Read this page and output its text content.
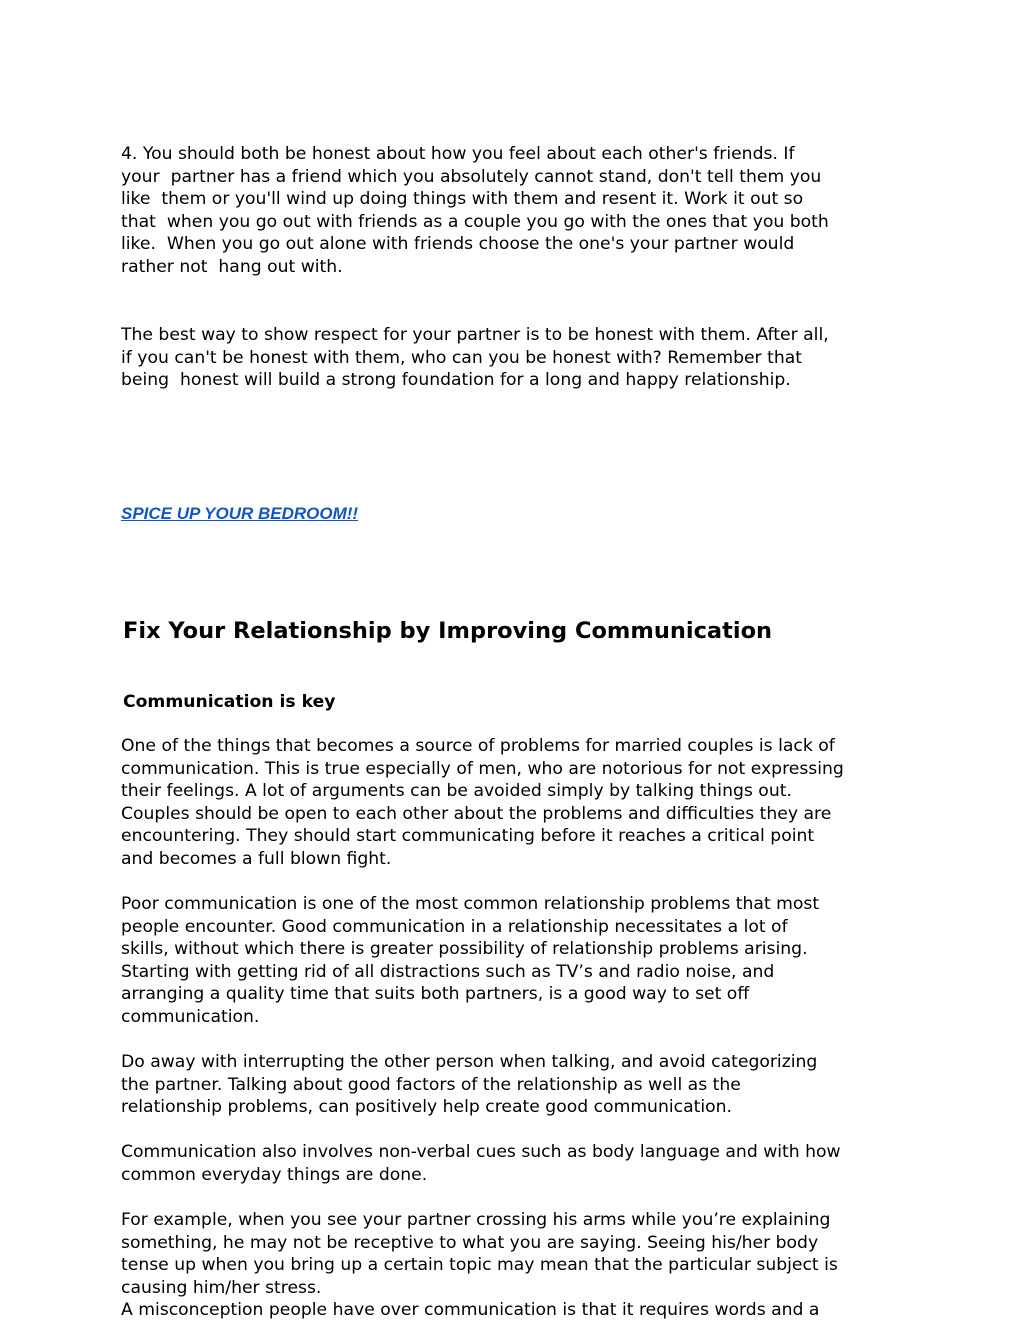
4. You should both be honest about how you feel about each other's friends. If
your  partner has a friend which you absolutely cannot stand, don't tell them you
like  them or you'll wind up doing things with them and resent it. Work it out so
that  when you go out with friends as a couple you go with the ones that you both
like.  When you go out alone with friends choose the one's your partner would
rather not  hang out with.

The best way to show respect for your partner is to be honest with them. After all,
if you can't be honest with them, who can you be honest with? Remember that
being  honest will build a strong foundation for a long and happy relationship.

SPICE UP YOUR BEDROOM!!
Fix Your Relationship by Improving Communication
Communication is key

One of the things that becomes a source of problems for married couples is lack of
communication. This is true especially of men, who are notorious for not expressing
their feelings. A lot of arguments can be avoided simply by talking things out.
Couples should be open to each other about the problems and difficulties they are
encountering. They should start communicating before it reaches a critical point
and becomes a full blown fight.

Poor communication is one of the most common relationship problems that most
people encounter. Good communication in a relationship necessitates a lot of
skills, without which there is greater possibility of relationship problems arising.
Starting with getting rid of all distractions such as TV’s and radio noise, and
arranging a quality time that suits both partners, is a good way to set off
communication.

Do away with interrupting the other person when talking, and avoid categorizing
the partner. Talking about good factors of the relationship as well as the
relationship problems, can positively help create good communication.

Communication also involves non-verbal cues such as body language and with how
common everyday things are done.

For example, when you see your partner crossing his arms while you’re explaining
something, he may not be receptive to what you are saying. Seeing his/her body
tense up when you bring up a certain topic may mean that the particular subject is
causing him/her stress.
A misconception people have over communication is that it requires words and a
